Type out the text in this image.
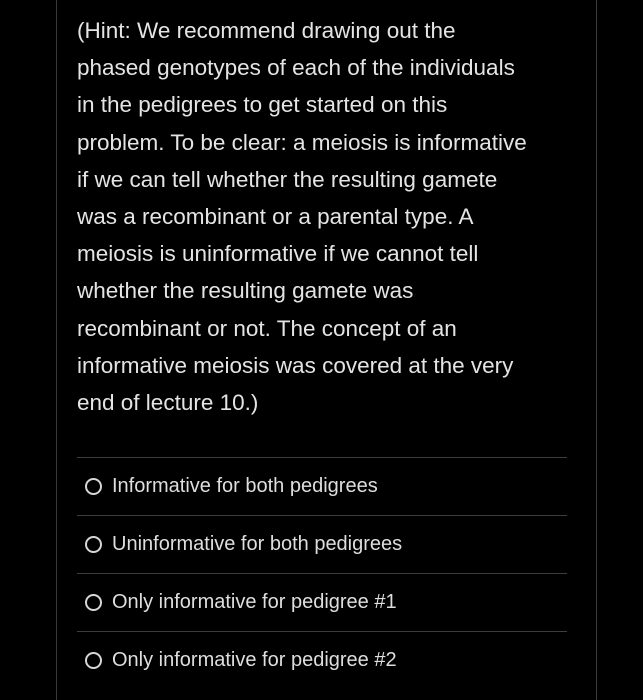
(Hint: We recommend drawing out the
phased genotypes of each of the individuals
in the pedigrees to get started on this
problem. To be clear: a meiosis is informative
if we can tell whether the resulting gamete
was a recombinant or a parental type. A
meiosis is uninformative if we cannot tell
whether the resulting gamete was
recombinant or not. The concept of an
informative meiosis was covered at the very
end of lecture 10.)

Informative for both pedigrees
Uninformative for both pedigrees
Only informative for pedigree #1
Only informative for pedigree #2
